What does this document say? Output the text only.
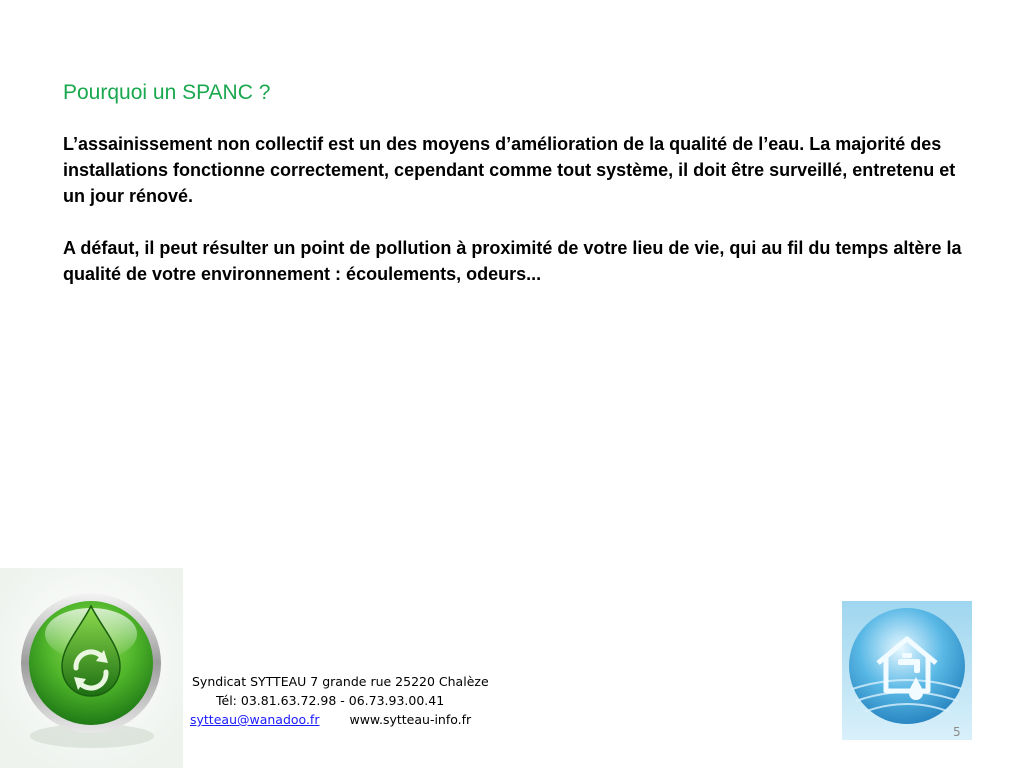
Pourquoi un SPANC ?

L’assainissement non collectif est un des moyens d’amélioration de la qualité de l’eau. La majorité des installations fonctionne correctement, cependant comme tout système, il doit être surveillé, entretenu et un jour rénové.

A défaut, il peut résulter un point de pollution à proximité de votre lieu de vie, qui au fil du temps altère la qualité de votre environnement : écoulements, odeurs...

Syndicat SYTTEAU 7 grande rue 25220 Chalèze
Tél: 03.81.63.72.98 - 06.73.93.00.41
sytteau@wanadoo.fr www.sytteau-info.fr
5
